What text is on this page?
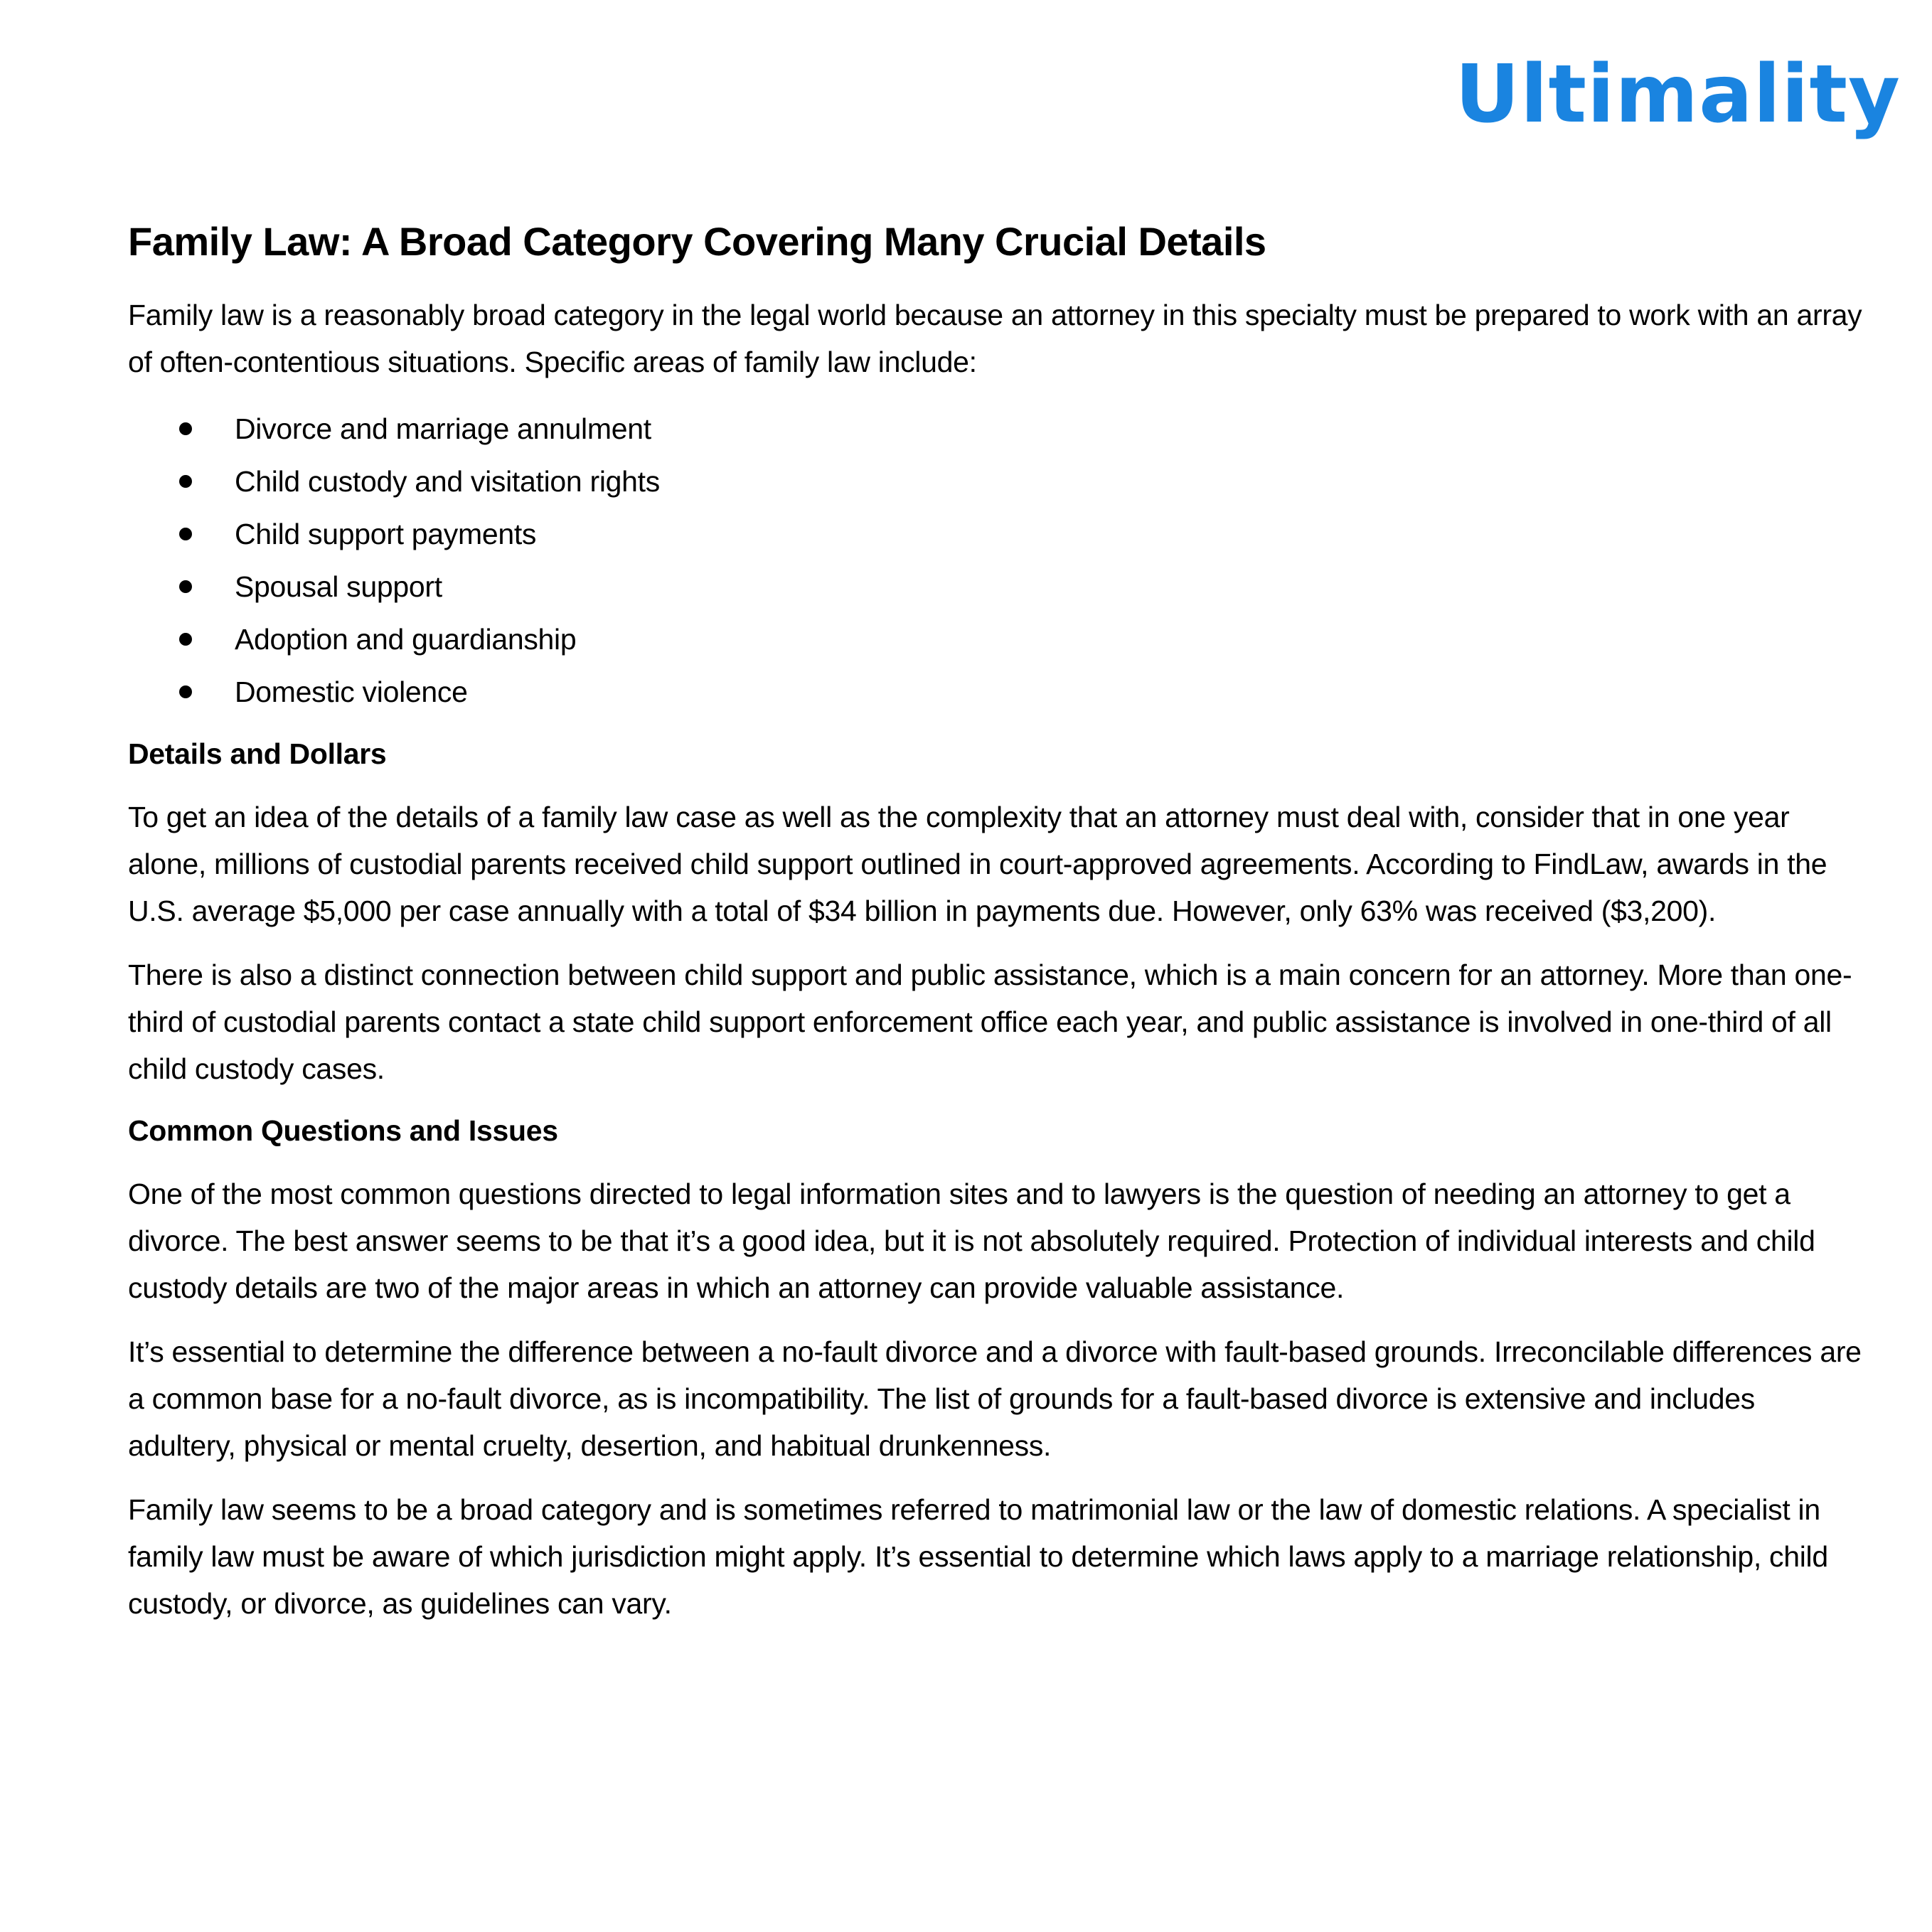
Ultimality
Family Law: A Broad Category Covering Many Crucial Details

Family law is a reasonably broad category in the legal world because an attorney in this specialty must be prepared to work with an array of often-contentious situations. Specific areas of family law include:

Divorce and marriage annulment
Child custody and visitation rights
Child support payments
Spousal support
Adoption and guardianship
Domestic violence
Details and Dollars

To get an idea of the details of a family law case as well as the complexity that an attorney must deal with, consider that in one year alone, millions of custodial parents received child support outlined in court-approved agreements. According to FindLaw, awards in the U.S. average $5,000 per case annually with a total of $34 billion in payments due. However, only 63% was received ($3,200).

There is also a distinct connection between child support and public assistance, which is a main concern for an attorney. More than one-third of custodial parents contact a state child support enforcement office each year, and public assistance is involved in one-third of all child custody cases.

Common Questions and Issues

One of the most common questions directed to legal information sites and to lawyers is the question of needing an attorney to get a divorce. The best answer seems to be that it’s a good idea, but it is not absolutely required. Protection of individual interests and child custody details are two of the major areas in which an attorney can provide valuable assistance.

It’s essential to determine the difference between a no-fault divorce and a divorce with fault-based grounds. Irreconcilable differences are a common base for a no-fault divorce, as is incompatibility. The list of grounds for a fault-based divorce is extensive and includes adultery, physical or mental cruelty, desertion, and habitual drunkenness.

Family law seems to be a broad category and is sometimes referred to matrimonial law or the law of domestic relations. A specialist in family law must be aware of which jurisdiction might apply. It’s essential to determine which laws apply to a marriage relationship, child custody, or divorce, as guidelines can vary.
